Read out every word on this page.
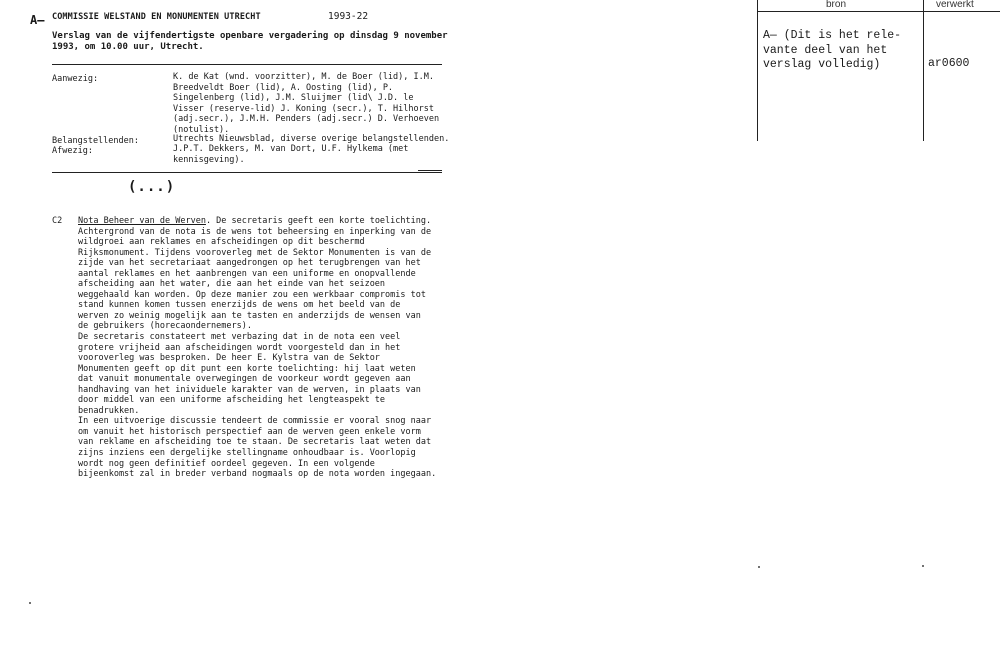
A— COMMISSIE WELSTAND EN MONUMENTEN UTRECHT	1993-22
Verslag van de vijfendertigste openbare vergadering op dinsdag 9 november
1993, om 10.00 uur, Utrecht.
Aanwezig:	K. de Kat (wnd. voorzitter), M. de Boer (lid), I.M.
Breedveldt Boer (lid), A. Oosting (lid), P.
Singelenberg (lid), J.M. Sluijmer (lid\ J.D. le
Visser (reserve-lid) J. Koning (secr.), T. Hilhorst
(adj.secr.), J.M.H. Penders (adj.secr.) D. Verhoeven
(notulist).
Belangstellenden:	Utrechts Nieuwsblad, diverse overige belangstellenden.
Afwezig:	J.P.T. Dekkers, M. van Dort, U.F. Hylkema (met
kennisgeving).
(...)
C2 Nota Beheer van de Werven. De secretaris geeft een korte toelichting.
Achtergrond van de nota is de wens tot beheersing en inperking van de
wildgroei aan reklames en afscheidingen op dit beschermd
Rijksmonument. Tijdens vooroverleg met de Sektor Monumenten is van de
zijde van het secretariaat aangedrongen op het terugbrengen van het
aantal reklames en het aanbrengen van een uniforme en onopvallende
afscheiding aan het water, die aan het einde van het seizoen
weggehaald kan worden. Op deze manier zou een werkbaar compromis tot
stand kunnen komen tussen enerzijds de wens om het beeld van de
werven zo weinig mogelijk aan te tasten en anderzijds de wensen van
de gebruikers (horecaondernemers).
De secretaris constateert met verbazing dat in de nota een veel
grotere vrijheid aan afscheidingen wordt voorgesteld dan in het
vooroverleg was besproken. De heer E. Kylstra van de Sektor
Monumenten geeft op dit punt een korte toelichting: hij laat weten
dat vanuit monumentale overwegingen de voorkeur wordt gegeven aan
handhaving van het inividuele karakter van de werven, in plaats van
door middel van een uniforme afscheiding het lengteaspekt te
benadrukken.
In een uitvoerige discussie tendeert de commissie er vooral snog naar
om vanuit het historisch perspectief aan de werven geen enkele vorm
van reklame en afscheiding toe te staan. De secretaris laat weten dat
zijns inziens een dergelijke stellingname onhoudbaar is. Voorlopig
wordt nog geen definitief oordeel gegeven. In een volgende
bijeenkomst zal in breder verband nogmaals op de nota worden ingegaan.
bron	verwerkt
A— (Dit is het rele-
vante deel van het
verslag volledig)	ar0600
